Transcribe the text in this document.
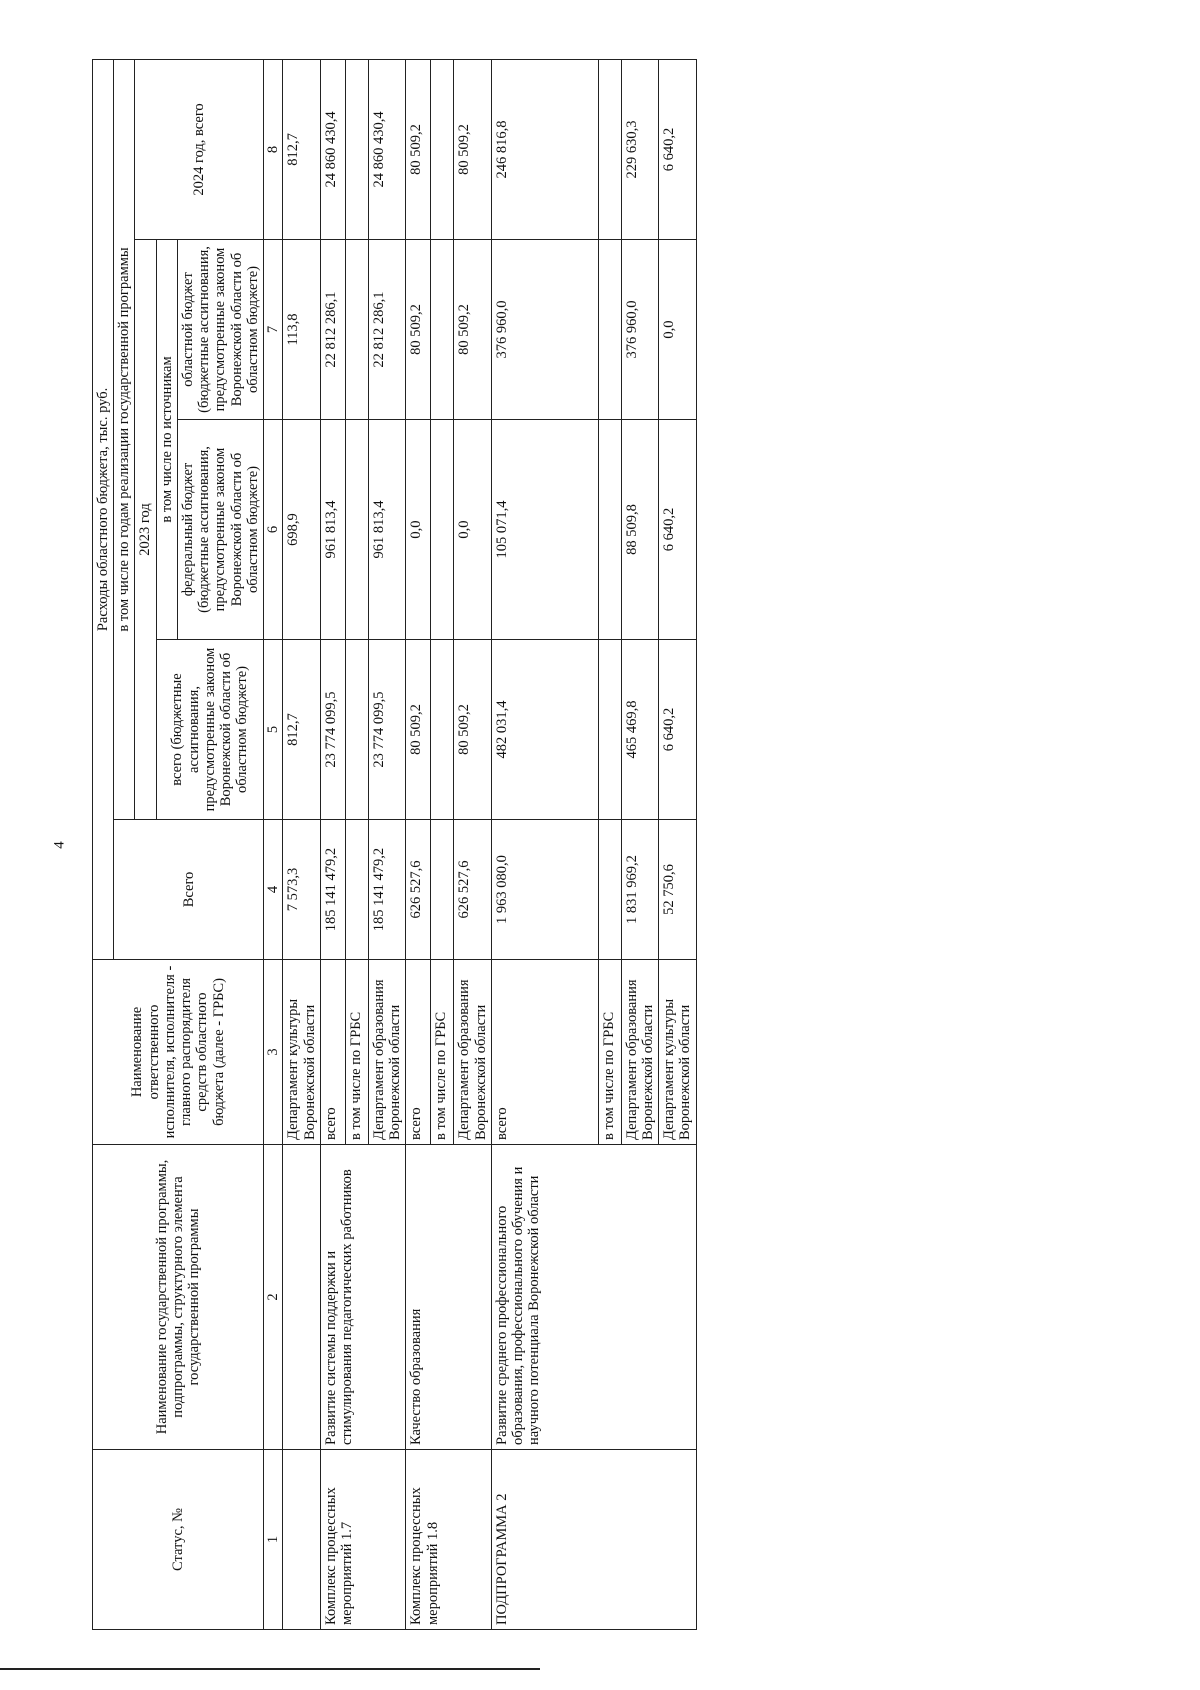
4
Статус, №	Наименование государственной программы, подпрограммы, структурного элемента государственной программы	Наименование ответственного исполнителя, исполнителя - главного распорядителя средств областного бюджета (далее - ГРБС)	Расходы областного бюджета, тыс. руб.				
			Всего	в том числе по годам реализации государственной программы			
				2023 год			2024 год, всего
				всего (бюджетные ассигнования, предусмотренные законом Воронежской области об областном бюджете)	в том числе по источникам		
					федеральный бюджет (бюджетные ассигнования, предусмотренные законом Воронежской области об областном бюджете)	областной бюджет (бюджетные ассигнования, предусмотренные законом Воронежской области об областном бюджете)	
1	2	3	4	5	6	7	8
		Департамент культуры Воронежской области	7 573,3	812,7	698,9	113,8	812,7
Комплекс процессных мероприятий 1.7	Развитие системы поддержки и стимулирования педагогических работников	всего	185 141 479,2	23 774 099,5	961 813,4	22 812 286,1	24 860 430,4
		в том числе по ГРБС					
		Департамент образования Воронежской области	185 141 479,2	23 774 099,5	961 813,4	22 812 286,1	24 860 430,4
Комплекс процессных мероприятий 1.8	Качество образования	всего	626 527,6	80 509,2	0,0	80 509,2	80 509,2
		в том числе по ГРБС					
		Департамент образования Воронежской области	626 527,6	80 509,2	0,0	80 509,2	80 509,2
ПОДПРОГРАММА 2	Развитие среднего профессионального образования, профессионального обучения и научного потенциала Воронежской области	всего	1 963 080,0	482 031,4	105 071,4	376 960,0	246 816,8
		в том числе по ГРБС					
		Департамент образования Воронежской области	1 831 969,2	465 469,8	88 509,8	376 960,0	229 630,3
		Департамент культуры Воронежской области	52 750,6	6 640,2	6 640,2	0,0	6 640,2
